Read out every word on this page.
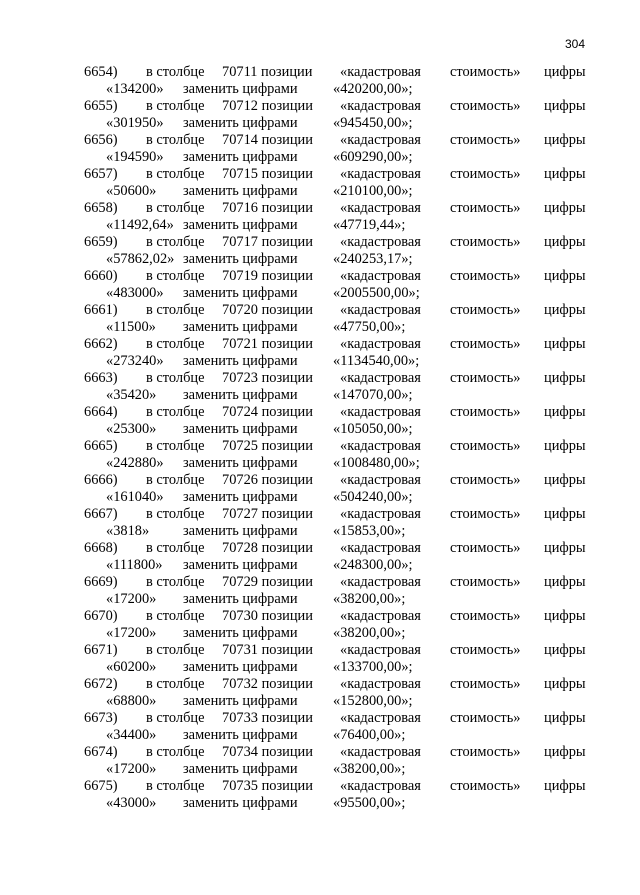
304
6654) в столбце 70711 позиции «кадастровая стоимость» цифры
«134200» заменить цифрами «420200,00»;
6655) в столбце 70712 позиции «кадастровая стоимость» цифры
«301950» заменить цифрами «945450,00»;
6656) в столбце 70714 позиции «кадастровая стоимость» цифры
«194590» заменить цифрами «609290,00»;
6657) в столбце 70715 позиции «кадастровая стоимость» цифры
«50600» заменить цифрами «210100,00»;
6658) в столбце 70716 позиции «кадастровая стоимость» цифры
«11492,64» заменить цифрами «47719,44»;
6659) в столбце 70717 позиции «кадастровая стоимость» цифры
«57862,02» заменить цифрами «240253,17»;
6660) в столбце 70719 позиции «кадастровая стоимость» цифры
«483000» заменить цифрами «2005500,00»;
6661) в столбце 70720 позиции «кадастровая стоимость» цифры
«11500» заменить цифрами «47750,00»;
6662) в столбце 70721 позиции «кадастровая стоимость» цифры
«273240» заменить цифрами «1134540,00»;
6663) в столбце 70723 позиции «кадастровая стоимость» цифры
«35420» заменить цифрами «147070,00»;
6664) в столбце 70724 позиции «кадастровая стоимость» цифры
«25300» заменить цифрами «105050,00»;
6665) в столбце 70725 позиции «кадастровая стоимость» цифры
«242880» заменить цифрами «1008480,00»;
6666) в столбце 70726 позиции «кадастровая стоимость» цифры
«161040» заменить цифрами «504240,00»;
6667) в столбце 70727 позиции «кадастровая стоимость» цифры
«3818» заменить цифрами «15853,00»;
6668) в столбце 70728 позиции «кадастровая стоимость» цифры
«111800» заменить цифрами «248300,00»;
6669) в столбце 70729 позиции «кадастровая стоимость» цифры
«17200» заменить цифрами «38200,00»;
6670) в столбце 70730 позиции «кадастровая стоимость» цифры
«17200» заменить цифрами «38200,00»;
6671) в столбце 70731 позиции «кадастровая стоимость» цифры
«60200» заменить цифрами «133700,00»;
6672) в столбце 70732 позиции «кадастровая стоимость» цифры
«68800» заменить цифрами «152800,00»;
6673) в столбце 70733 позиции «кадастровая стоимость» цифры
«34400» заменить цифрами «76400,00»;
6674) в столбце 70734 позиции «кадастровая стоимость» цифры
«17200» заменить цифрами «38200,00»;
6675) в столбце 70735 позиции «кадастровая стоимость» цифры
«43000» заменить цифрами «95500,00»;
